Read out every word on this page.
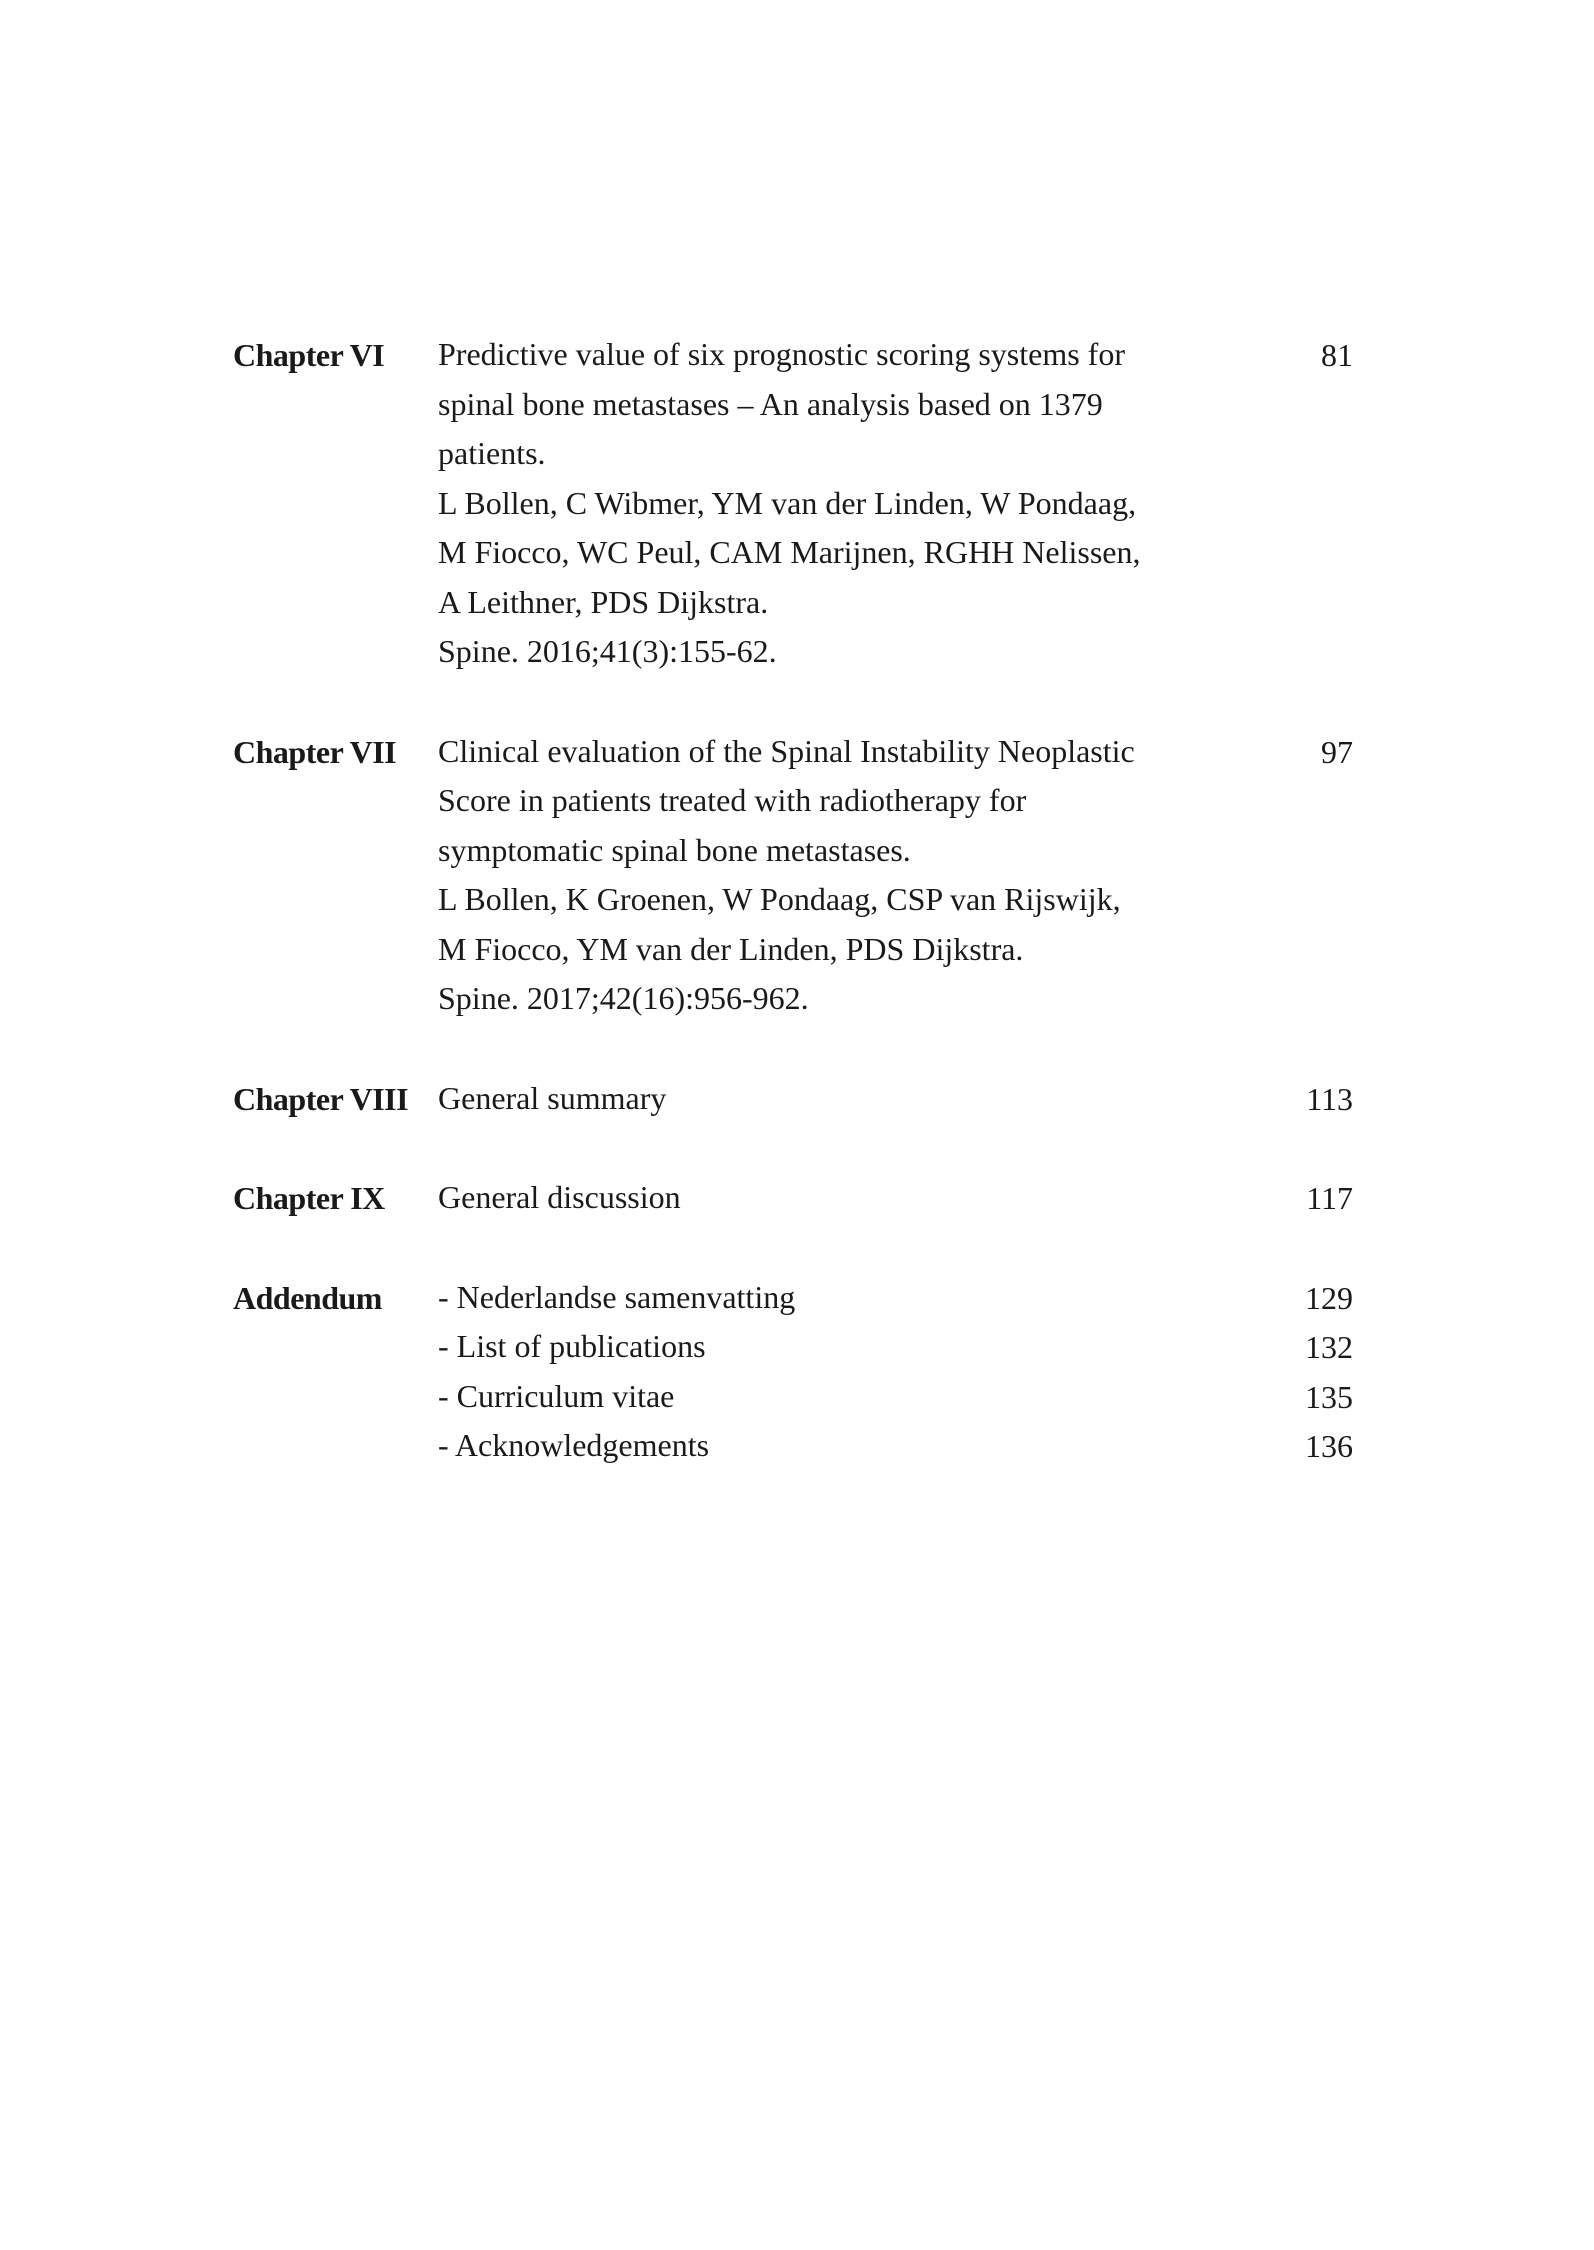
Chapter VI Predictive value of six prognostic scoring systems for
spinal bone metastases – An analysis based on 1379
patients.
L Bollen, C Wibmer, YM van der Linden, W Pondaag,
M Fiocco, WC Peul, CAM Marijnen, RGHH Nelissen,
A Leithner, PDS Dijkstra.
Spine. 2016;41(3):155-62.
81
Chapter VII Clinical evaluation of the Spinal Instability Neoplastic
Score in patients treated with radiotherapy for
symptomatic spinal bone metastases.
L Bollen, K Groenen, W Pondaag, CSP van Rijswijk,
M Fiocco, YM van der Linden, PDS Dijkstra.
Spine. 2017;42(16):956-962.
97
Chapter VIII General summary	113
Chapter IX General discussion	117
Addendum - Nederlandse samenvatting	129
- List of publications	132
- Curriculum vitae	135
- Acknowledgements	136
